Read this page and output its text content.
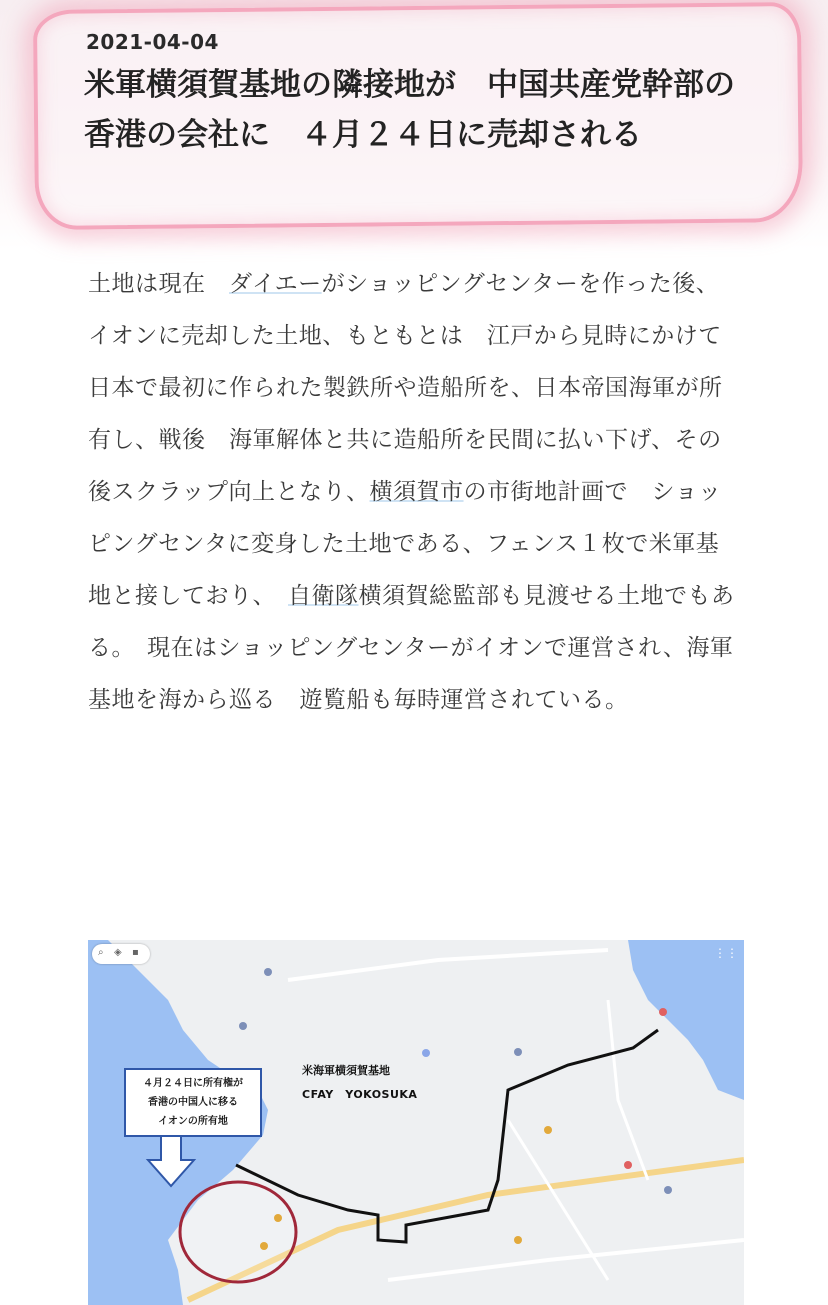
2021-04-04
米軍横須賀基地の隣接地が　中国共産党幹部の香港の会社に　４月２４日に売却される

土地は現在　ダイエーがショッピングセンターを作った後、イオンに売却した土地、もともとは　江戸から見時にかけて日本で最初に作られた製鉄所や造船所を、日本帝国海軍が所有し、戦後　海軍解体と共に造船所を民間に払い下げ、その後スクラップ向上となり、横須賀市の市街地計画で　ショッピングセンタに変身した土地である、フェンス１枚で米軍基地と接しており、　自衛隊横須賀総監部も見渡せる土地でもある。　現在はショッピングセンターがイオンで運営され、海軍基地を海から巡る　遊覧船も毎時運営されている。

⌕ ◈ ▪	⋮⋮
４月２４日に所有権が
香港の中国人に移る
イオンの所有地
米海軍横須賀基地
CFAY　YOKOSUKA
